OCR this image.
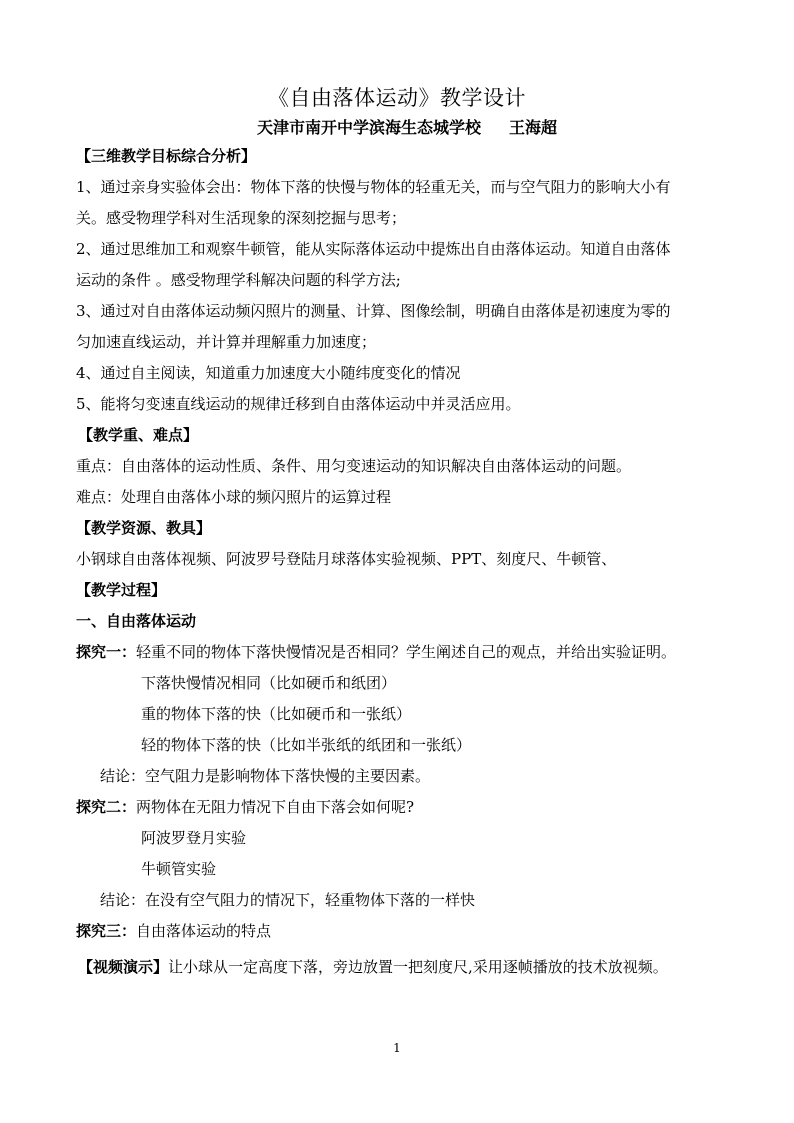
《自由落体运动》教学设计
天津市南开中学滨海生态城学校 王海超
【三维教学目标综合分析】
1、通过亲身实验体会出：物体下落的快慢与物体的轻重无关，而与空气阻力的影响大小有
关。感受物理学科对生活现象的深刻挖掘与思考；
2、通过思维加工和观察牛顿管，能从实际落体运动中提炼出自由落体运动。知道自由落体
运动的条件 。感受物理学科解决问题的科学方法;
3、通过对自由落体运动频闪照片的测量、计算、图像绘制，明确自由落体是初速度为零的
匀加速直线运动，并计算并理解重力加速度；
4、通过自主阅读，知道重力加速度大小随纬度变化的情况
5、能将匀变速直线运动的规律迁移到自由落体运动中并灵活应用。
【教学重、难点】
重点：自由落体的运动性质、条件、用匀变速运动的知识解决自由落体运动的问题。
难点：处理自由落体小球的频闪照片的运算过程
【教学资源、教具】
小钢球自由落体视频、阿波罗号登陆月球落体实验视频、PPT、刻度尺、牛顿管、
【教学过程】
一、自由落体运动
探究一：轻重不同的物体下落快慢情况是否相同？学生阐述自己的观点，并给出实验证明。
下落快慢情况相同（比如硬币和纸团）
重的物体下落的快（比如硬币和一张纸）
轻的物体下落的快（比如半张纸的纸团和一张纸）
结论：空气阻力是影响物体下落快慢的主要因素。
探究二：两物体在无阻力情况下自由下落会如何呢?
阿波罗登月实验
牛顿管实验
结论：在没有空气阻力的情况下，轻重物体下落的一样快
探究三：自由落体运动的特点
【视频演示】让小球从一定高度下落，旁边放置一把刻度尺,采用逐帧播放的技术放视频。
1
